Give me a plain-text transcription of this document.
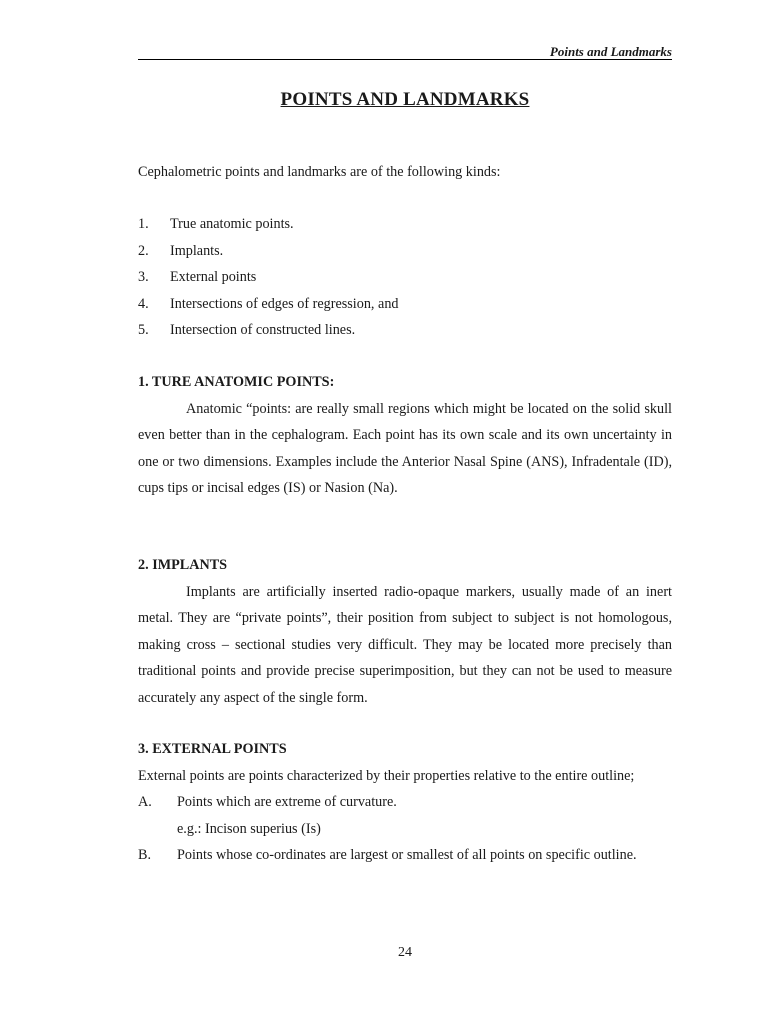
Points and Landmarks
POINTS AND LANDMARKS

Cephalometric points and landmarks are of the following kinds:

1.	True anatomic points.
2.	Implants.
3.	External points
4.	Intersections of edges of regression, and
5.	Intersection of constructed lines.

1. TURE ANATOMIC POINTS:

Anatomic “points: are really small regions which might be located on the solid skull even better than in the cephalogram. Each point has its own scale and its own uncertainty in one or two dimensions. Examples include the Anterior Nasal Spine (ANS), Infradentale (ID), cups tips or incisal edges (IS) or Nasion (Na).

2. IMPLANTS

Implants are artificially inserted radio-opaque markers, usually made of an inert metal. They are “private points”, their position from subject to subject is not homologous, making cross – sectional studies very difficult. They may be located more precisely than traditional points and provide precise superimposition, but they can not be used to measure accurately any aspect of the single form.

3. EXTERNAL POINTS

External points are points characterized by their properties relative to the entire outline;

A.	Points which are extreme of curvature.

e.g.: Incison superius (Is)

B.	Points whose co-ordinates are largest or smallest of all points on specific outline.
24
